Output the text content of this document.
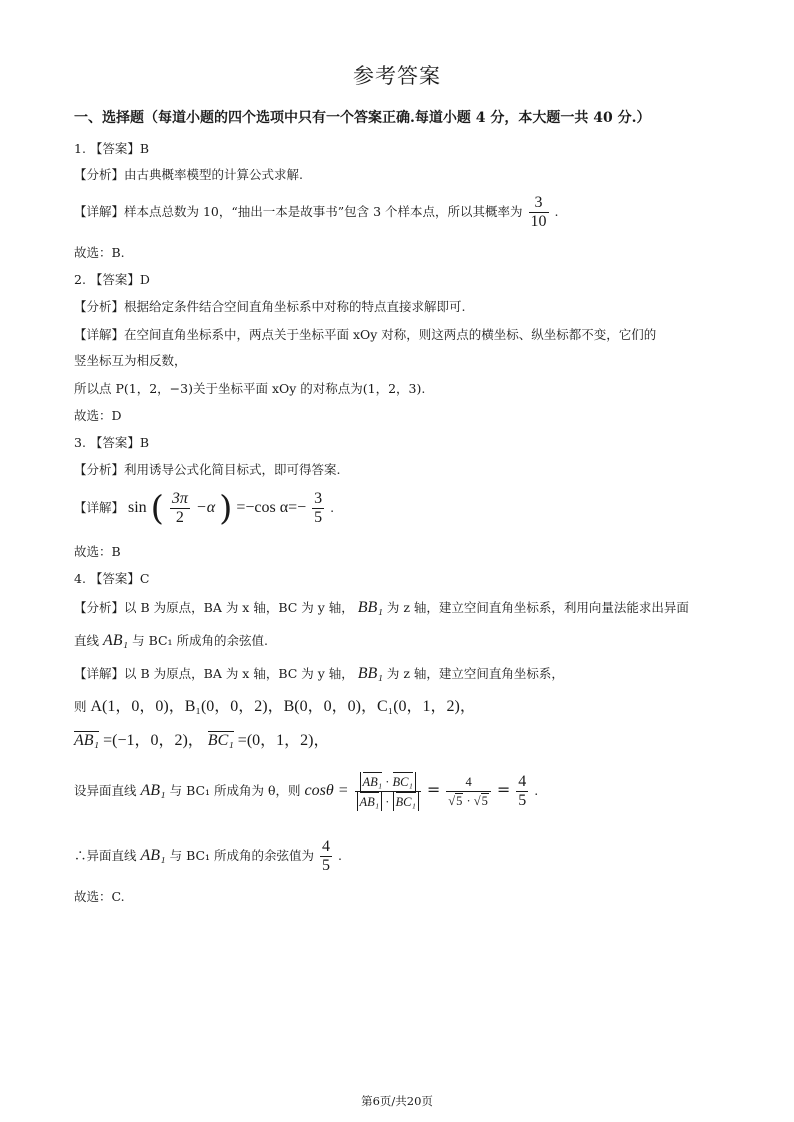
参考答案
一、选择题（每道小题的四个选项中只有一个答案正确.每道小题 4 分，本大题一共 40 分.）
1. 【答案】B
【分析】由古典概率模型的计算公式求解.
【详解】样本点总数为 10，“抽出一本是故事书”包含 3 个样本点，所以其概率为 $\frac{3}{10}$ .
故选：B.
2. 【答案】D
【分析】根据给定条件结合空间直角坐标系中对称的特点直接求解即可.
【详解】在空间直角坐标系中，两点关于坐标平面 xOy 对称，则这两点的横坐标、纵坐标都不变，它们的
竖坐标互为相反数，
所以点 P(1，2，−3)关于坐标平面 xOy 的对称点为(1，2，3).
故选：D
3. 【答案】B
【分析】利用诱导公式化简目标式，即可得答案.
【详解】 sin ( $\frac{3\pi}{2} -\alpha$ ) =−cos $\alpha=- \frac{3}{5}$ .
故选：B
4. 【答案】C
【分析】以 B 为原点，BA 为 x 轴，BC 为 y 轴， BB₁ 为 z 轴，建立空间直角坐标系，利用向量法能求出异面
直线 AB₁ 与 BC₁ 所成角的余弦值.
【详解】以 B 为原点，BA 为 x 轴，BC 为 y 轴， BB₁ 为 z 轴，建立空间直角坐标系，
则 A(1，0，0)，B₁(0，0，2)，B(0，0，0)，C₁(0，1，2)，
AB₁ =(−1，0，2)， BC₁ =(0，1，2)，
设异面直线 AB₁ 与 BC₁ 所成角为 θ，则 $\cos\theta = \frac{\text{AB₁ · BC₁}}{\text{AB₁ · BC₁}} = \frac{4}{√5 \cdot √5} = \frac{4}{5}$ .
∴异面直线 AB₁ 与 BC₁ 所成角的余弦值为 $\frac{4}{5}$ .
故选：C.
第6页/共20页
